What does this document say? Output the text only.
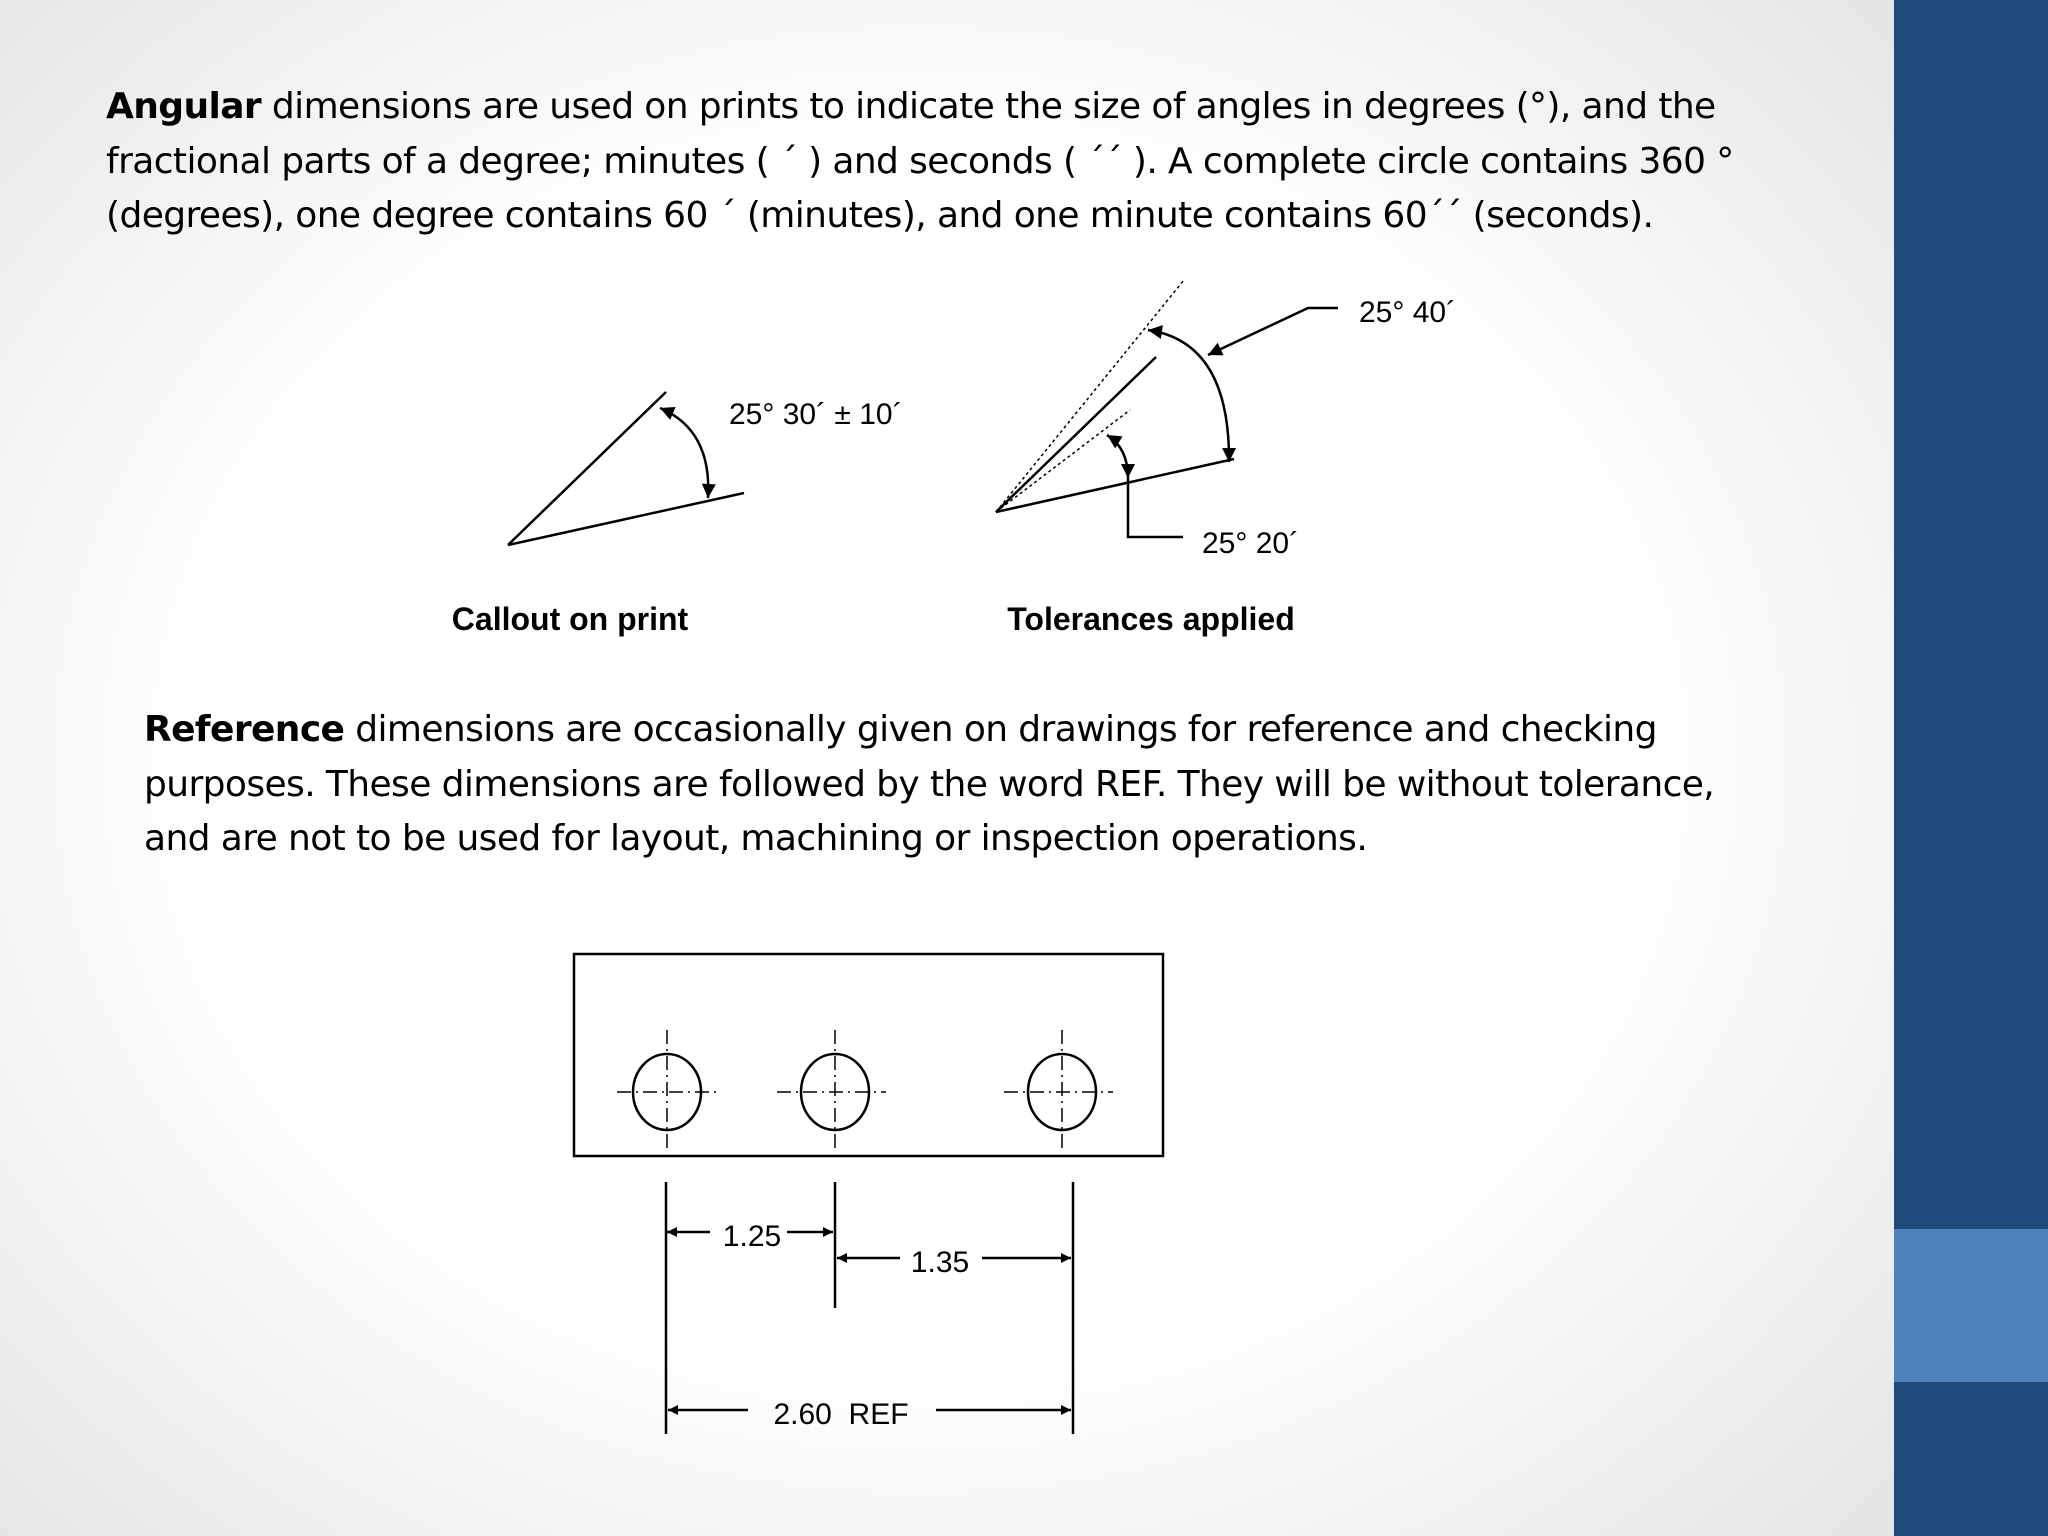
Angular dimensions are used on prints to indicate the size of angles in degrees (°), and the
fractional parts of a degree; minutes ( ´ ) and seconds ( ´´ ). A complete circle contains 360 °
(degrees), one degree contains 60 ´ (minutes), and one minute contains 60´´ (seconds).

Reference dimensions are occasionally given on drawings for reference and checking
purposes. These dimensions are followed by the word REF. They will be without tolerance,
and are not to be used for layout, machining or inspection operations.

25° 30´ ± 10´
Callout on print
25° 40´
25° 20´
Tolerances applied
1.25
1.35
2.60  REF
